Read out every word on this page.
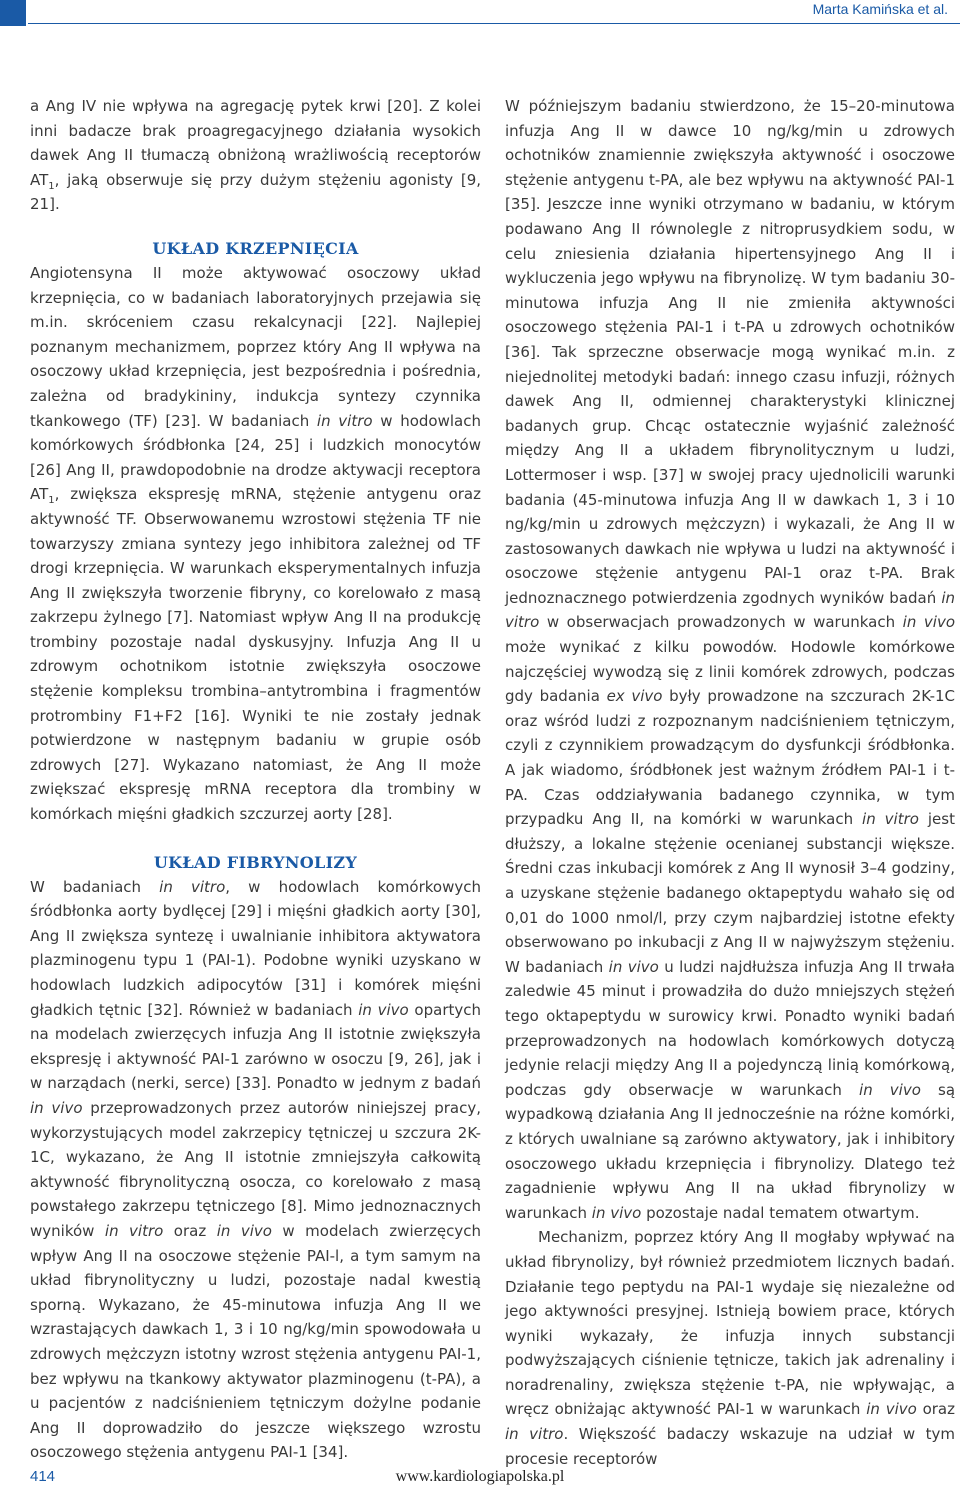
Marta Kamińska et al.

a Ang IV nie wpływa na agregację pytek krwi [20]. Z kolei inni badacze brak proagregacyjnego działania wysokich dawek Ang II tłumaczą obniżoną wrażliwością receptorów $AT_1$, jaką obserwuje się przy dużym stężeniu agonisty [9, 21].

UKŁAD KRZEPNIĘCIA

Angiotensyna II może aktywować osoczowy układ krzepnięcia, co w badaniach laboratoryjnych przejawia się m.in. skróceniem czasu rekalcynacji [22]. Najlepiej poznanym mechanizmem, poprzez który Ang II wpływa na osoczowy układ krzepnięcia, jest bezpośrednia i pośrednia, zależna od bradykininy, indukcja syntezy czynnika tkankowego (TF) [23]. W badaniach in vitro w hodowlach komórkowych śródbłonka [24, 25] i ludzkich monocytów [26] Ang II, prawdopodobnie na drodze aktywacji receptora $AT_1$, zwiększa ekspresję mRNA, stężenie antygenu oraz aktywność TF. Obserwowanemu wzrostowi stężenia TF nie towarzyszy zmiana syntezy jego inhibitora zależnej od TF drogi krzepnięcia. W warunkach eksperymentalnych infuzja Ang II zwiększyła tworzenie fibryny, co korelowało z masą zakrzepu żylnego [7]. Natomiast wpływ Ang II na produkcję trombiny pozostaje nadal dyskusyjny. Infuzja Ang II u zdrowym ochotnikom istotnie zwiększyła osoczowe stężenie kompleksu trombina–antytrombina i fragmentów protrombiny F1+F2 [16]. Wyniki te nie zostały jednak potwierdzone w następnym badaniu w grupie osób zdrowych [27]. Wykazano natomiast, że Ang II może zwiększać ekspresję mRNA receptora dla trombiny w komórkach mięśni gładkich szczurzej aorty [28].

UKŁAD FIBRYNOLIZY

W badaniach in vitro, w hodowlach komórkowych śródbłonka aorty bydlęcej [29] i mięśni gładkich aorty [30], Ang II zwiększa syntezę i uwalnianie inhibitora aktywatora plazminogenu typu 1 (PAI-1). Podobne wyniki uzyskano w hodowlach ludzkich adipocytów [31] i komórek mięśni gładkich tętnic [32]. Również w badaniach in vivo opartych na modelach zwierzęcych infuzja Ang II istotnie zwiększyła ekspresję i aktywność PAI-1 zarówno w osoczu [9, 26], jak i w narządach (nerki, serce) [33]. Ponadto w jednym z badań in vivo przeprowadzonych przez autorów niniejszej pracy, wykorzystujących model zakrzepicy tętniczej u szczura 2K-1C, wykazano, że Ang II istotnie zmniejszyła całkowitą aktywność fibrynolityczną osocza, co korelowało z masą powstałego zakrzepu tętniczego [8]. Mimo jednoznacznych wyników in vitro oraz in vivo w modelach zwierzęcych wpływ Ang II na osoczowe stężenie PAI-l, a tym samym na układ fibrynolityczny u ludzi, pozostaje nadal kwestią sporną. Wykazano, że 45-minutowa infuzja Ang II we wzrastających dawkach 1, 3 i 10 ng/kg/min spowodowała u zdrowych mężczyzn istotny wzrost stężenia antygenu PAI-1, bez wpływu na tkankowy aktywator plazminogenu (t-PA), a u pacjentów z nadciśnieniem tętniczym dożylne podanie Ang II doprowadziło do jeszcze większego wzrostu osoczowego stężenia antygenu PAI-1 [34].

W późniejszym badaniu stwierdzono, że 15–20-minutowa infuzja Ang II w dawce 10 ng/kg/min u zdrowych ochotników znamiennie zwiększyła aktywność i osoczowe stężenie antygenu t-PA, ale bez wpływu na aktywność PAI-1 [35]. Jeszcze inne wyniki otrzymano w badaniu, w którym podawano Ang II równolegle z nitroprusydkiem sodu, w celu zniesienia działania hipertensyjnego Ang II i wykluczenia jego wpływu na fibrynolizę. W tym badaniu 30-minutowa infuzja Ang II nie zmieniła aktywności osoczowego stężenia PAI-1 i t-PA u zdrowych ochotników [36]. Tak sprzeczne obserwacje mogą wynikać m.in. z niejednolitej metodyki badań: innego czasu infuzji, różnych dawek Ang II, odmiennej charakterystyki klinicznej badanych grup. Chcąc ostatecznie wyjaśnić zależność między Ang II a układem fibrynolitycznym u ludzi, Lottermoser i wsp. [37] w swojej pracy ujednolicili warunki badania (45-minutowa infuzja Ang II w dawkach 1, 3 i 10 ng/kg/min u zdrowych mężczyzn) i wykazali, że Ang II w zastosowanych dawkach nie wpływa u ludzi na aktywność i osoczowe stężenie antygenu PAI-1 oraz t-PA. Brak jednoznacznego potwierdzenia zgodnych wyników badań in vitro w obserwacjach prowadzonych w warunkach in vivo może wynikać z kilku powodów. Hodowle komórkowe najczęściej wywodzą się z linii komórek zdrowych, podczas gdy badania ex vivo były prowadzone na szczurach 2K-1C oraz wśród ludzi z rozpoznanym nadciśnieniem tętniczym, czyli z czynnikiem prowadzącym do dysfunkcji śródbłonka. A jak wiadomo, śródbłonek jest ważnym źródłem PAI-1 i t-PA. Czas oddziaływania badanego czynnika, w tym przypadku Ang II, na komórki w warunkach in vitro jest dłuższy, a lokalne stężenie ocenianej substancji większe. Średni czas inkubacji komórek z Ang II wynosił 3–4 godziny, a uzyskane stężenie badanego oktapeptydu wahało się od 0,01 do 1000 nmol/l, przy czym najbardziej istotne efekty obserwowano po inkubacji z Ang II w najwyższym stężeniu. W badaniach in vivo u ludzi najdłuższa infuzja Ang II trwała zaledwie 45 minut i prowadziła do dużo mniejszych stężeń tego oktapeptydu w surowicy krwi. Ponadto wyniki badań przeprowadzonych na hodowlach komórkowych dotyczą jedynie relacji między Ang II a pojedynczą linią komórkową, podczas gdy obserwacje w warunkach in vivo są wypadkową działania Ang II jednocześnie na różne komórki, z których uwalniane są zarówno aktywatory, jak i inhibitory osoczowego układu krzepnięcia i fibrynolizy. Dlatego też zagadnienie wpływu Ang II na układ fibrynolizy w warunkach in vivo pozostaje nadal tematem otwartym.

Mechanizm, poprzez który Ang II mogłaby wpływać na układ fibrynolizy, był również przedmiotem licznych badań. Działanie tego peptydu na PAI-1 wydaje się niezależne od jego aktywności presyjnej. Istnieją bowiem prace, których wyniki wykazały, że infuzja innych substancji podwyższających ciśnienie tętnicze, takich jak adrenaliny i noradrenaliny, zwiększa stężenie t-PA, nie wpływając, a wręcz obniżając aktywność PAI-1 w warunkach in vivo oraz in vitro. Większość badaczy wskazuje na udział w tym procesie receptorów

414	www.kardiologiapolska.pl
